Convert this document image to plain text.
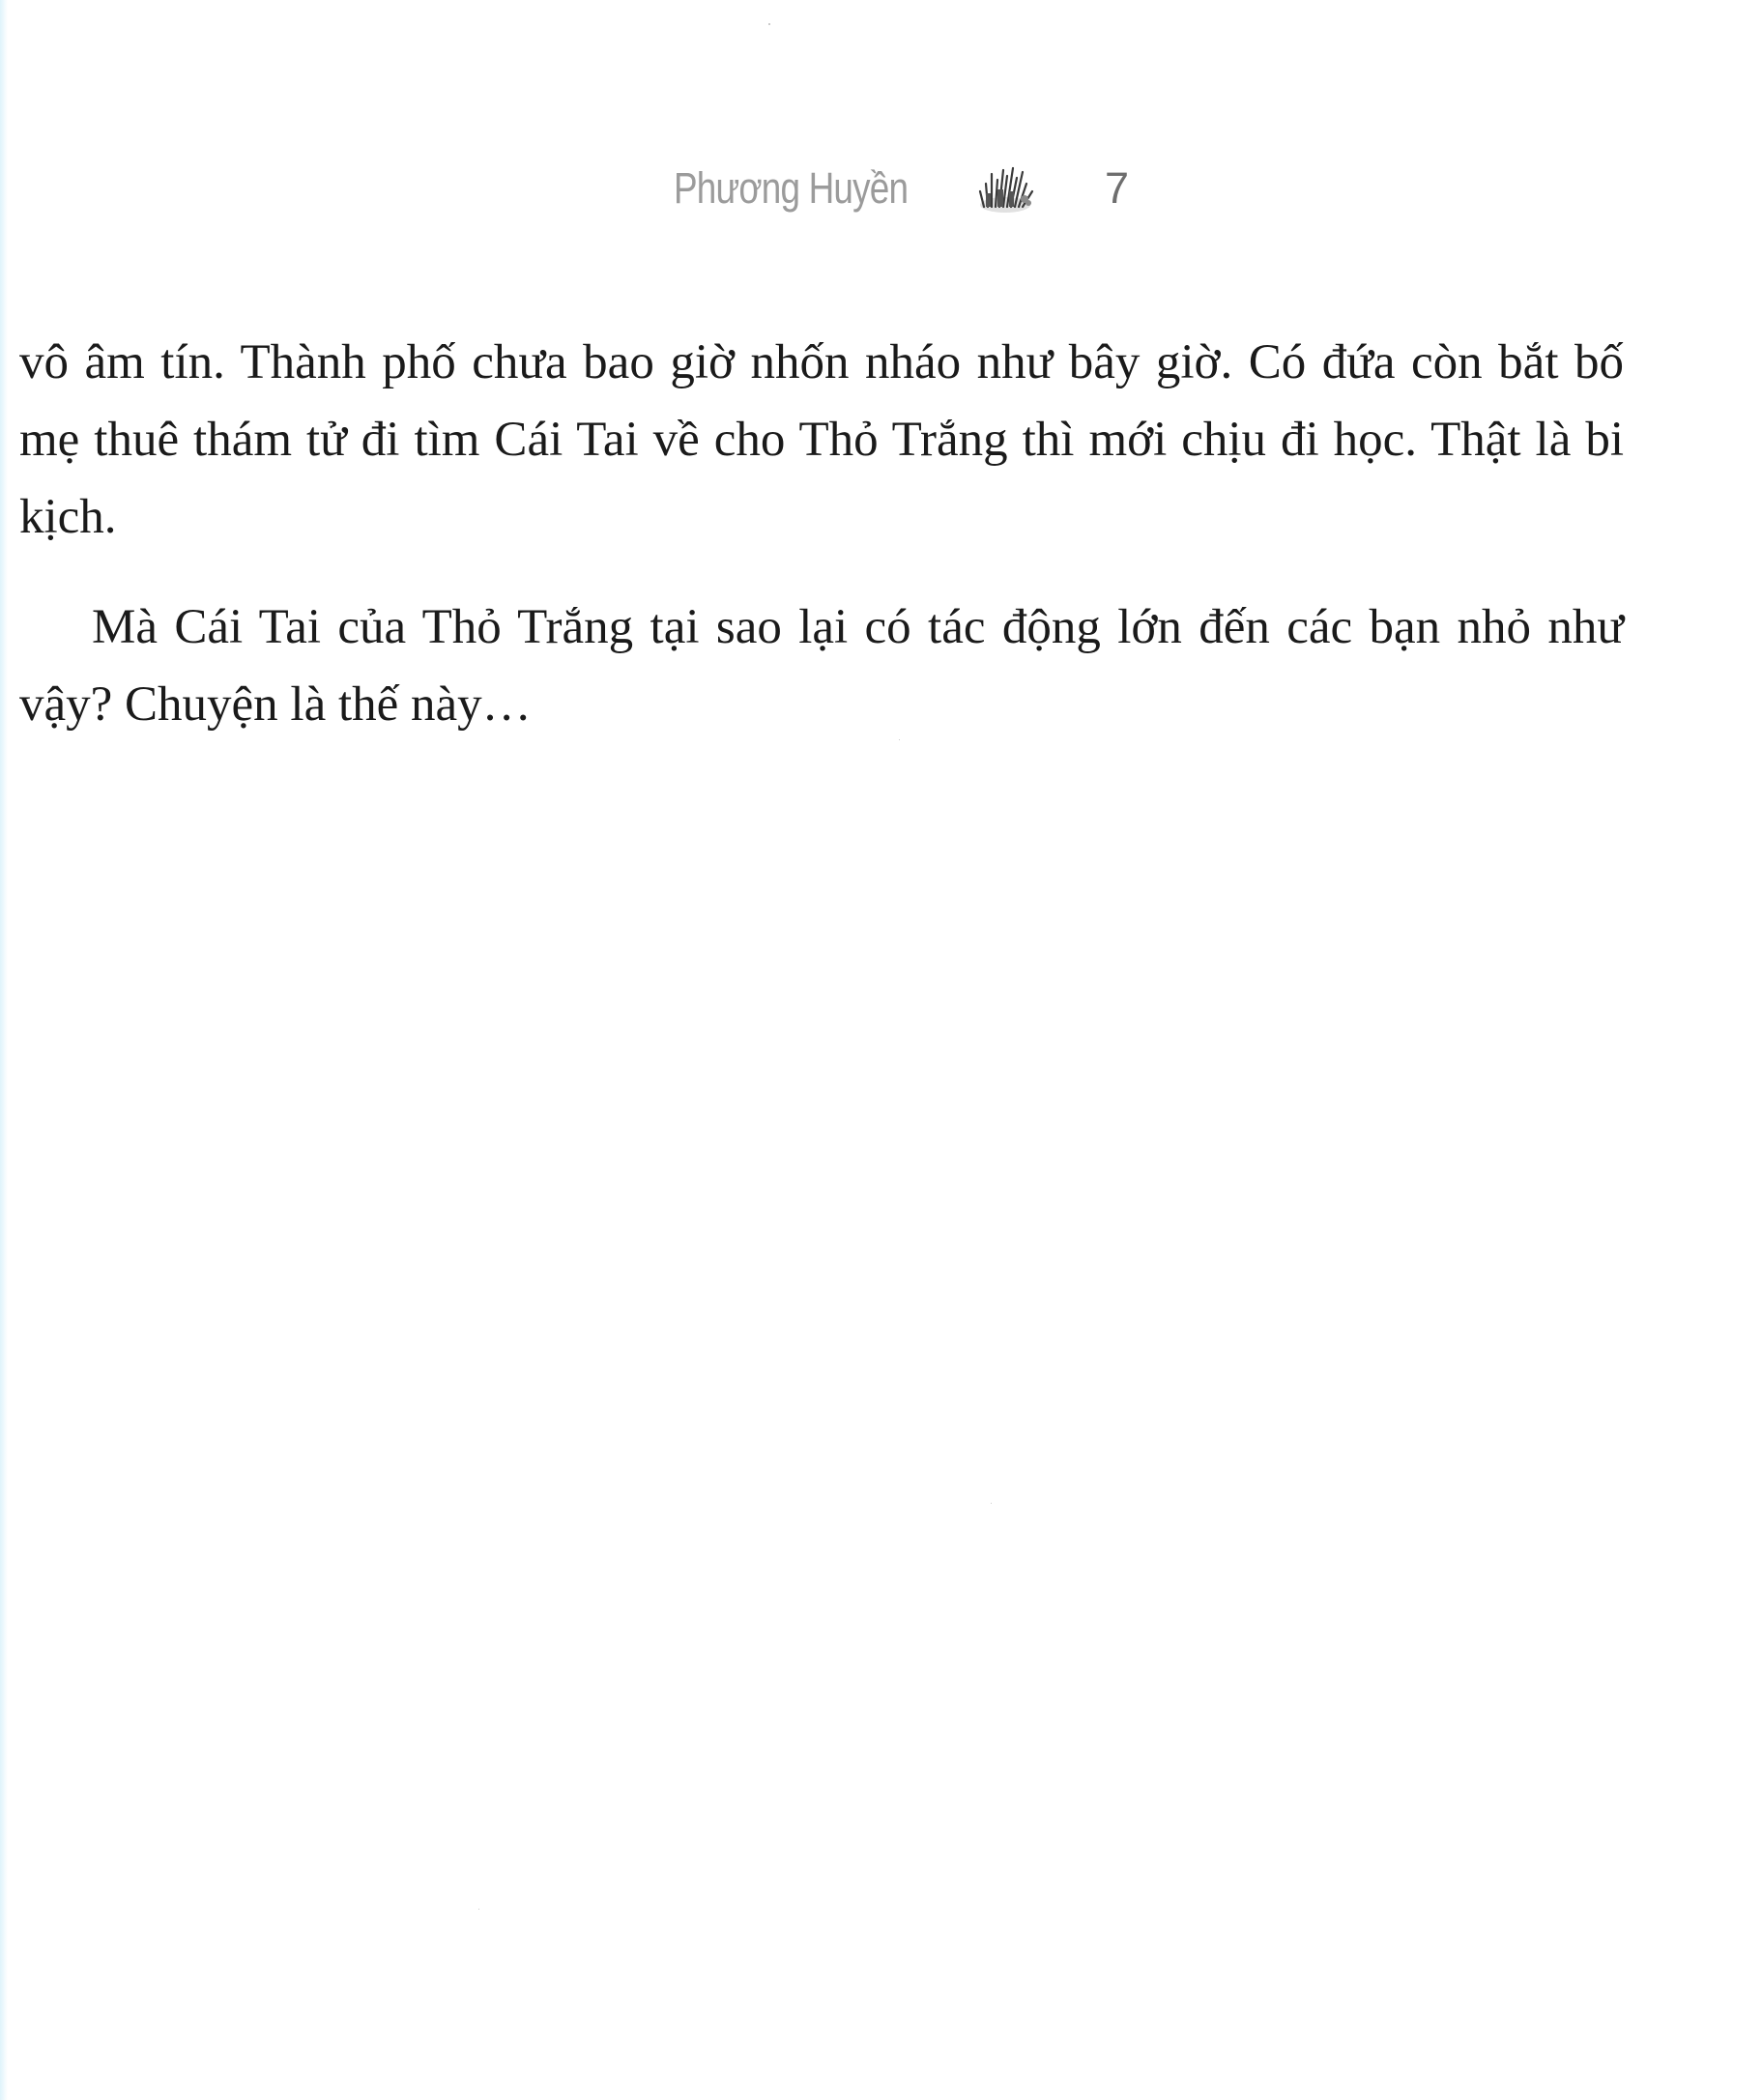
Phương Huyền	7

vô âm tín. Thành phố chưa bao giờ nhốn nháo như bây giờ. Có đứa còn bắt bố mẹ thuê thám tử đi tìm Cái Tai về cho Thỏ Trắng thì mới chịu đi học. Thật là bi kịch.

Mà Cái Tai của Thỏ Trắng tại sao lại có tác động lớn đến các bạn nhỏ như vậy? Chuyện là thế này…
